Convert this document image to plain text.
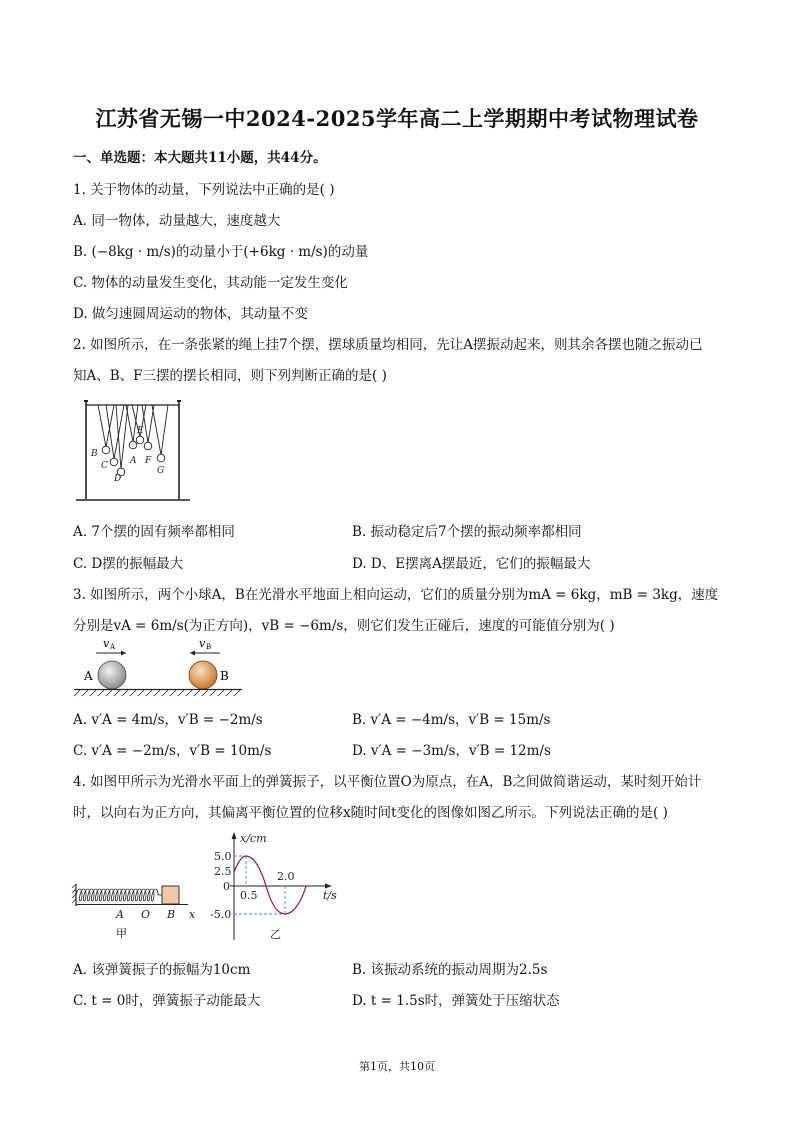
江苏省无锡一中2024-2025学年高二上学期期中考试物理试卷
一、单选题：本大题共11小题，共44分。
1. 关于物体的动量，下列说法中正确的是( )
A. 同一物体，动量越大，速度越大
B. (−8kg · m/s)的动量小于(+6kg · m/s)的动量
C. 物体的动量发生变化，其动能一定发生变化
D. 做匀速圆周运动的物体，其动量不变
2. 如图所示，在一条张紧的绳上挂7个摆，摆球质量均相同，先让A摆振动起来，则其余各摆也随之振动已
知A、B、F三摆的摆长相同，则下列判断正确的是( )
B
C
D
E
A F
G
A. 7个摆的固有频率都相同	B. 振动稳定后7个摆的振动频率都相同
C. D摆的振幅最大	D. D、E摆离A摆最近，它们的振幅最大
3. 如图所示，两个小球A，B在光滑水平地面上相向运动，它们的质量分别为mA = 6kg，mB = 3kg，速度
分别是vA = 6m/s(为正方向)，vB = −6m/s，则它们发生正碰后，速度的可能值分别为( )
v A	v B
A	B
A. v′A = 4m/s，v′B = −2m/s	B. v′A = −4m/s，v′B = 15m/s
C. v′A = −2m/s，v′B = 10m/s	D. v′A = −3m/s，v′B = 12m/s
4. 如图甲所示为光滑水平面上的弹簧振子，以平衡位置O为原点，在A，B之间做简谐运动，某时刻开始计
时，以向右为正方向，其偏离平衡位置的位移x随时间t变化的图像如图乙所示。下列说法正确的是( )
A O B x
甲
x/cm
5.0
2.5
0
-5.0
0.5
2.0
t/s
乙
A. 该弹簧振子的振幅为10cm	B. 该振动系统的振动周期为2.5s
C. t = 0时，弹簧振子动能最大	D. t = 1.5s时，弹簧处于压缩状态
第1页，共10页
